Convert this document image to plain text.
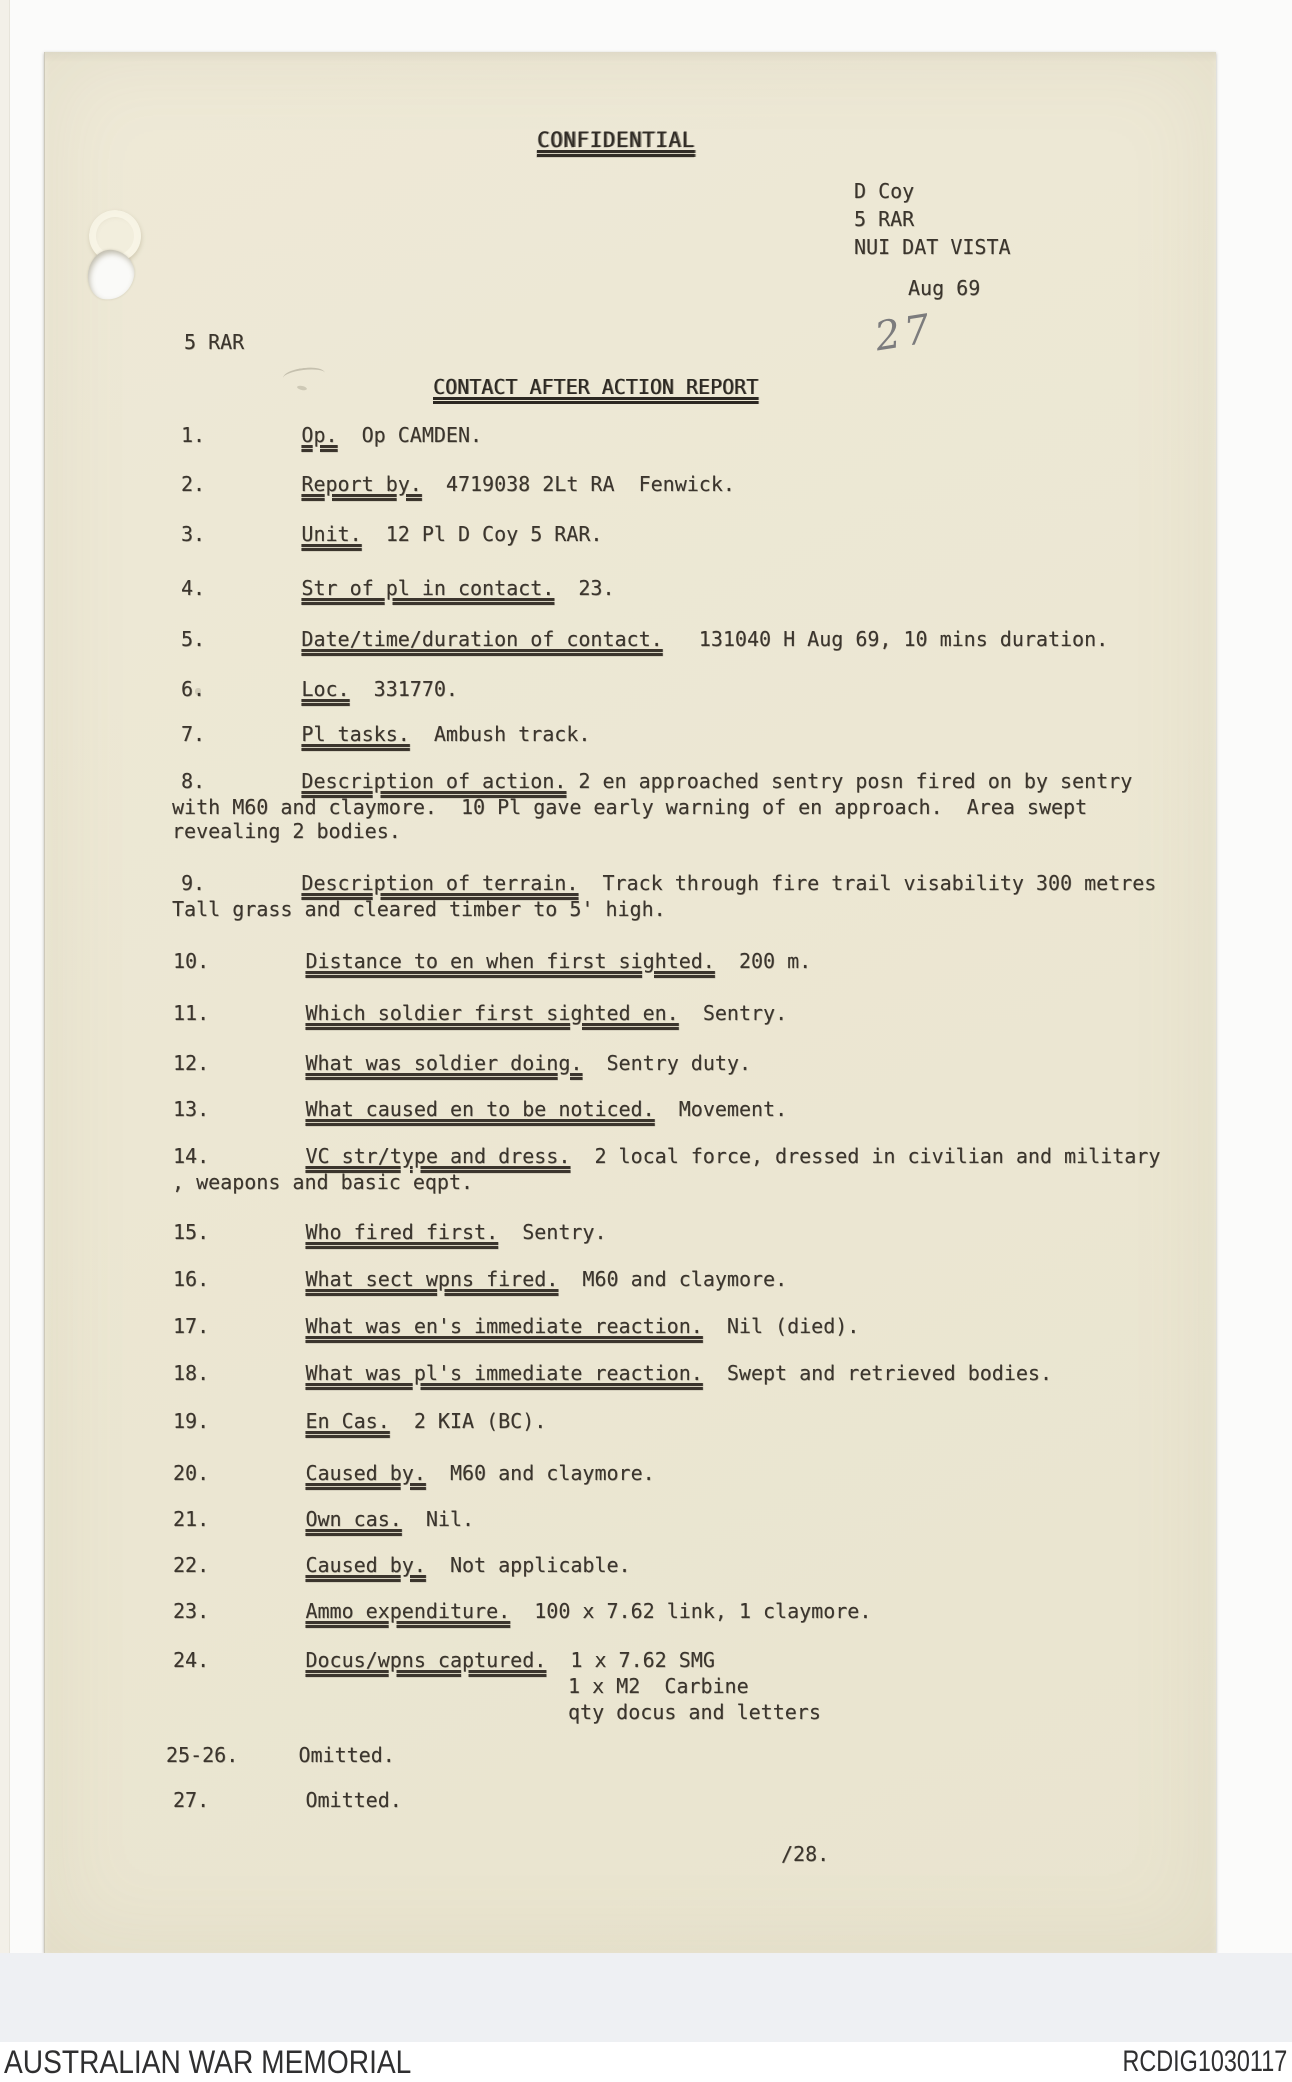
27
CONFIDENTIAL
D Coy
5 RAR
NUI DAT VISTA
Aug 69
5 RAR
CONTACT AFTER ACTION REPORT
/28.
1.        Op.  Op CAMDEN.
2.        Report by.  4719038 2Lt RA  Fenwick.
3.        Unit.  12 Pl D Coy 5 RAR.
4.        Str of pl in contact.  23.
5.        Date/time/duration of contact.   131040 H Aug 69, 10 mins duration.
6.        Loc.  331770.
7.        Pl tasks.  Ambush track.
8.        Description of action. 2 en approached sentry posn fired on by sentry
with M60 and claymore.  10 Pl gave early warning of en approach.  Area swept
revealing 2 bodies.
9.        Description of terrain.  Track through fire trail visability 300 metres
Tall grass and cleared timber to 5' high.
10.        Distance to en when first sighted.  200 m.
11.        Which soldier first sighted en.  Sentry.
12.        What was soldier doing.  Sentry duty.
13.        What caused en to be noticed.  Movement.
14.        VC str/type and dress.  2 local force, dressed in civilian and military
, weapons and basic eqpt.
15.        Who fired first.  Sentry.
16.        What sect wpns fired.  M60 and claymore.
17.        What was en's immediate reaction.  Nil (died).
18.        What was pl's immediate reaction.  Swept and retrieved bodies.
19.        En Cas.  2 KIA (BC).
20.        Caused by.  M60 and claymore.
21.        Own cas.  Nil.
22.        Caused by.  Not applicable.
23.        Ammo expenditure.  100 x 7.62 link, 1 claymore.
24.        Docus/wpns captured.  1 x 7.62 SMG
1 x M2  Carbine
qty docus and letters
25-26.     Omitted.
27.        Omitted.
AUSTRALIAN WAR MEMORIAL	RCDIG1030117
